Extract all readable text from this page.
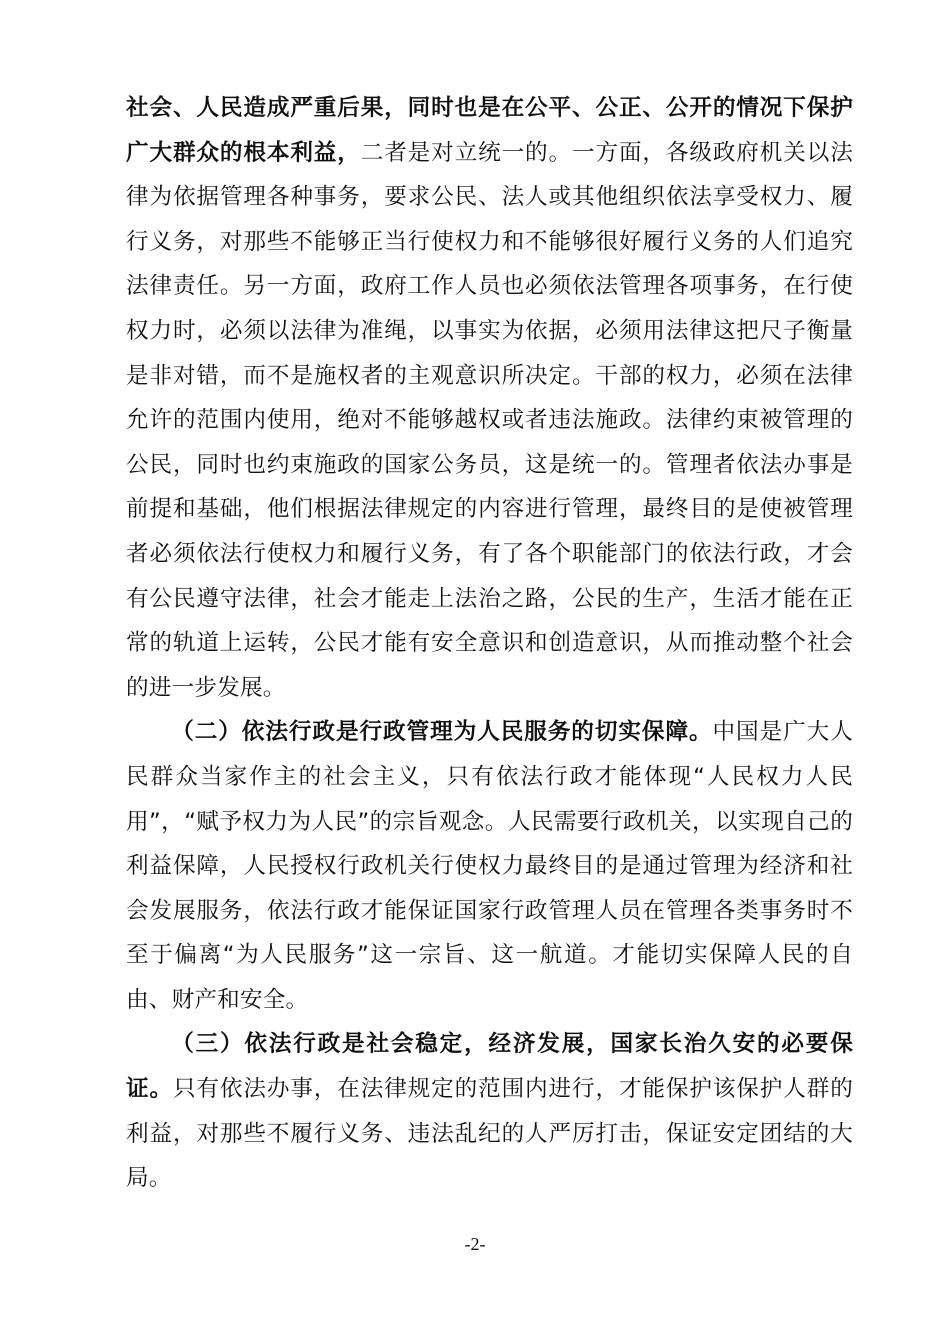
社会、人民造成严重后果，同时也是在公平、公正、公开的情况下保护广大群众的根本利益，二者是对立统一的。一方面，各级政府机关以法律为依据管理各种事务，要求公民、法人或其他组织依法享受权力、履行义务，对那些不能够正当行使权力和不能够很好履行义务的人们追究法律责任。另一方面，政府工作人员也必须依法管理各项事务，在行使权力时，必须以法律为准绳，以事实为依据，必须用法律这把尺子衡量是非对错，而不是施权者的主观意识所决定。干部的权力，必须在法律允许的范围内使用，绝对不能够越权或者违法施政。法律约束被管理的公民，同时也约束施政的国家公务员，这是统一的。管理者依法办事是前提和基础，他们根据法律规定的内容进行管理，最终目的是使被管理者必须依法行使权力和履行义务，有了各个职能部门的依法行政，才会有公民遵守法律，社会才能走上法治之路，公民的生产，生活才能在正常的轨道上运转，公民才能有安全意识和创造意识，从而推动整个社会的进一步发展。

（二）依法行政是行政管理为人民服务的切实保障。中国是广大人民群众当家作主的社会主义，只有依法行政才能体现“人民权力人民用”，“赋予权力为人民”的宗旨观念。人民需要行政机关，以实现自己的利益保障，人民授权行政机关行使权力最终目的是通过管理为经济和社会发展服务，依法行政才能保证国家行政管理人员在管理各类事务时不至于偏离“为人民服务”这一宗旨、这一航道。才能切实保障人民的自由、财产和安全。

（三）依法行政是社会稳定，经济发展，国家长治久安的必要保证。只有依法办事，在法律规定的范围内进行，才能保护该保护人群的利益，对那些不履行义务、违法乱纪的人严厉打击，保证安定团结的大局。

-2-
